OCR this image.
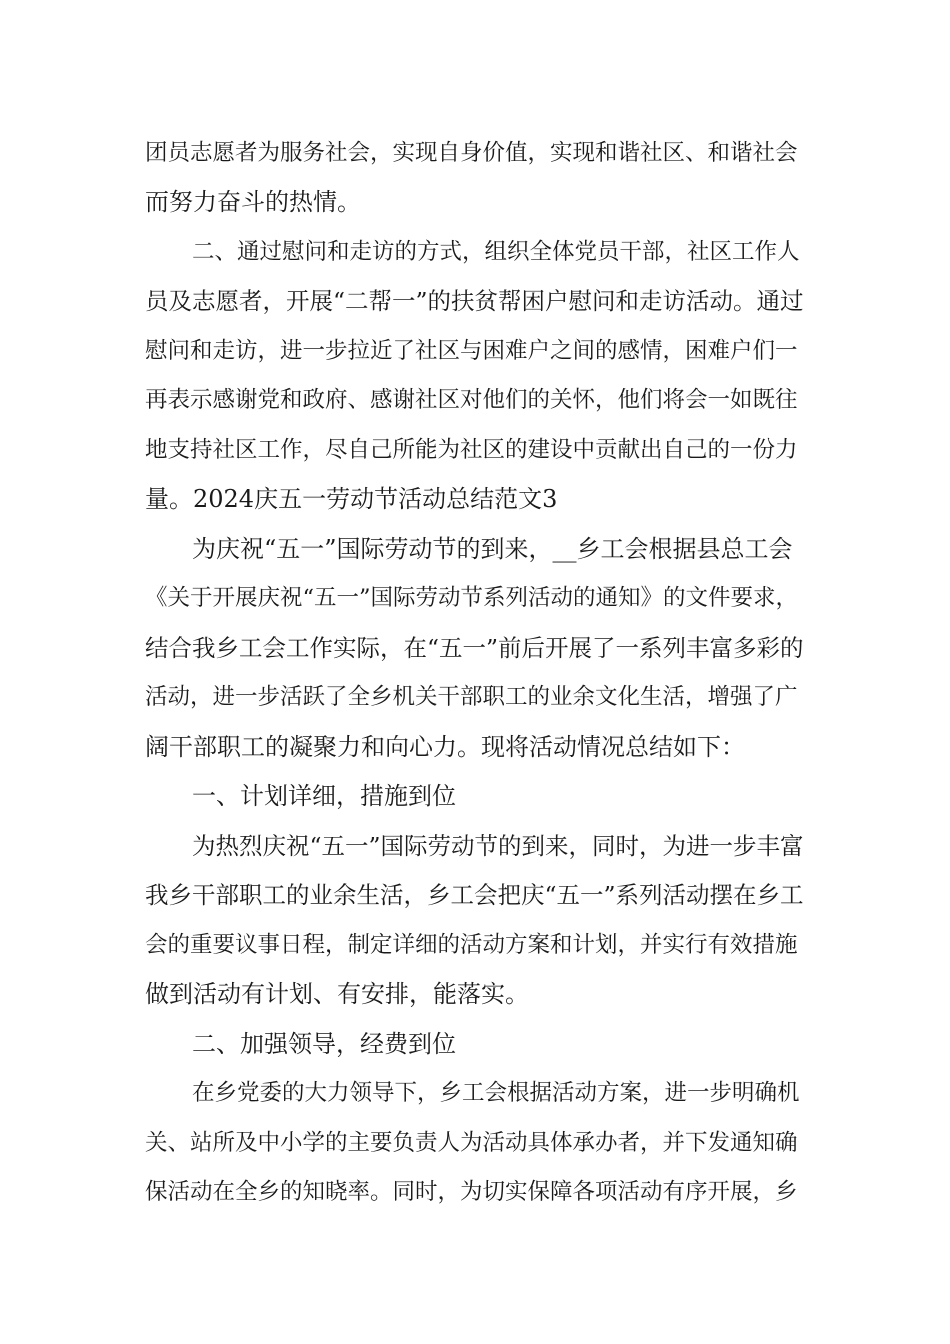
团员志愿者为服务社会，实现自身价值，实现和谐社区、和谐社会
而努力奋斗的热情。
二、通过慰问和走访的方式，组织全体党员干部，社区工作人
员及志愿者，开展“二帮一”的扶贫帮困户慰问和走访活动。通过
慰问和走访，进一步拉近了社区与困难户之间的感情，困难户们一
再表示感谢党和政府、感谢社区对他们的关怀，他们将会一如既往
地支持社区工作，尽自己所能为社区的建设中贡献出自己的一份力
量。2024庆五一劳动节活动总结范文3
为庆祝“五一”国际劳动节的到来，__乡工会根据县总工会
《关于开展庆祝“五一”国际劳动节系列活动的通知》的文件要求，
结合我乡工会工作实际，在“五一”前后开展了一系列丰富多彩的
活动，进一步活跃了全乡机关干部职工的业余文化生活，增强了广
阔干部职工的凝聚力和向心力。现将活动情况总结如下：
一、计划详细，措施到位
为热烈庆祝“五一”国际劳动节的到来，同时，为进一步丰富
我乡干部职工的业余生活，乡工会把庆“五一”系列活动摆在乡工
会的重要议事日程，制定详细的活动方案和计划，并实行有效措施
做到活动有计划、有安排，能落实。
二、加强领导，经费到位
在乡党委的大力领导下，乡工会根据活动方案，进一步明确机
关、站所及中小学的主要负责人为活动具体承办者，并下发通知确
保活动在全乡的知晓率。同时，为切实保障各项活动有序开展，乡
